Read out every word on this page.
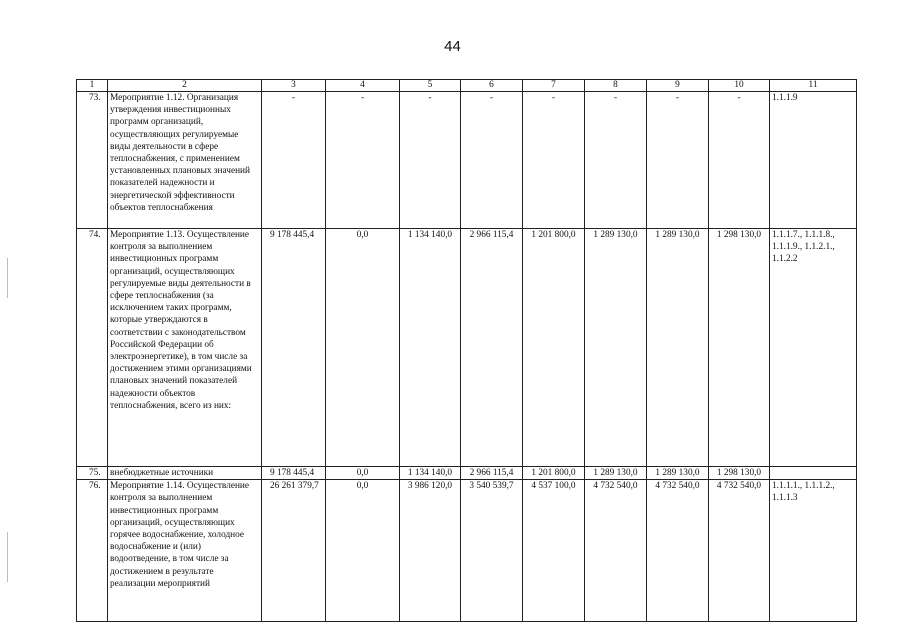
44
1	2	3	4	5	6	7	8	9	10	11
73.	Мероприятие 1.12. Организация утверждения инвестиционных программ организаций, осуществляющих регулируемые виды деятельности в сфере теплоснабжения, с применением установленных плановых значений показателей надежности и энергетической эффективности объектов теплоснабжения	-	-	-	-	-	-	-	-	1.1.1.9
74.	Мероприятие 1.13. Осуществление контроля за выполнением инвестиционных программ организаций, осуществляющих регулируемые виды деятельности в сфере теплоснабжения (за исключением таких программ, которые утверждаются в соответствии с законодательством Российской Федерации об электроэнергетике), в том числе за достижением этими организациями плановых значений показателей надежности объектов теплоснабжения, всего из них:	9 178 445,4	0,0	1 134 140,0	2 966 115,4	1 201 800,0	1 289 130,0	1 289 130,0	1 298 130,0	1.1.1.7., 1.1.1.8., 1.1.1.9., 1.1.2.1., 1.1.2.2
75.	внебюджетные источники	9 178 445,4	0,0	1 134 140,0	2 966 115,4	1 201 800,0	1 289 130,0	1 289 130,0	1 298 130,0	
76.	Мероприятие 1.14. Осуществление контроля за выполнением инвестиционных программ организаций, осуществляющих горячее водоснабжение, холодное водоснабжение и (или) водоотведение, в том числе за достижением в результате реализации мероприятий	26 261 379,7	0,0	3 986 120,0	3 540 539,7	4 537 100,0	4 732 540,0	4 732 540,0	4 732 540,0	1.1.1.1., 1.1.1.2., 1.1.1.3
